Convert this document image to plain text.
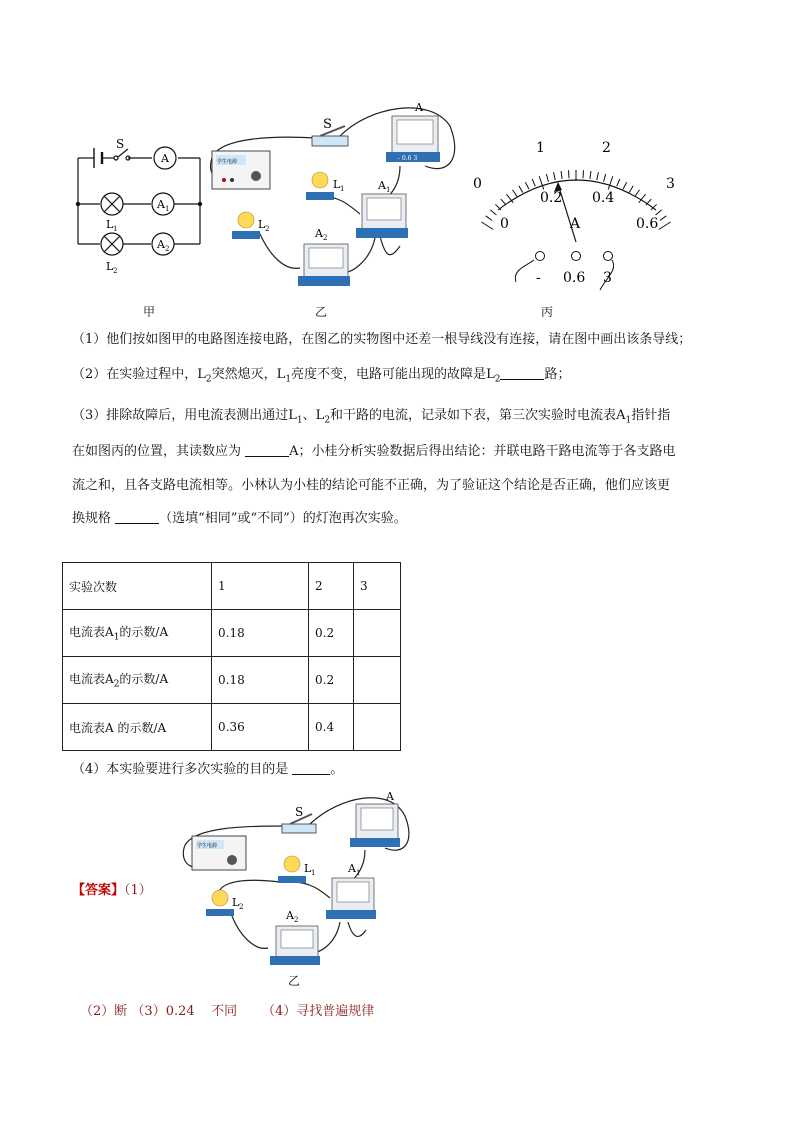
S
A
A 1
A 2
L 1
L 2
甲
S
A
- 0.6 3
学生电源
L 1	A 1
L 2	A 2
乙
0
1	2
3
0
0.2 0.4
0.6
A
- 0.6 3
丙
（1）他们按如图甲的电路图连接电路，在图乙的实物图中还差一根导线没有连接，请在图中画出该条导线；
（2）在实验过程中，$L_2$突然熄灭，$L_1$亮度不变，电路可能出现的故障是$L_2$	路；
（3）排除故障后，用电流表测出通过$L_1$、$L_2$和干路的电流，记录如下表，第三次实验时电流表$A_1$指针指
在如图丙的位置，其读数应为	A；小桂分析实验数据后得出结论：并联电路干路电流等于各支路电
流之和，且各支路电流相等。小林认为小桂的结论可能不正确，为了验证这个结论是否正确，他们应该更
换规格	（选填“相同”或“不同”）的灯泡再次实验。
实验次数	1	2	3
电流表$A_1$的示数/A	0.18	0.2	
电流表$A_2$的示数/A	0.18	0.2	
电流表A 的示数/A	0.36	0.4	
（4）本实验要进行多次实验的目的是	。
【答案】（1）
S
A
学生电源
L 1	A 1
L 2
A 2
乙
（2）断 （3）0.24 不同 （4）寻找普遍规律
